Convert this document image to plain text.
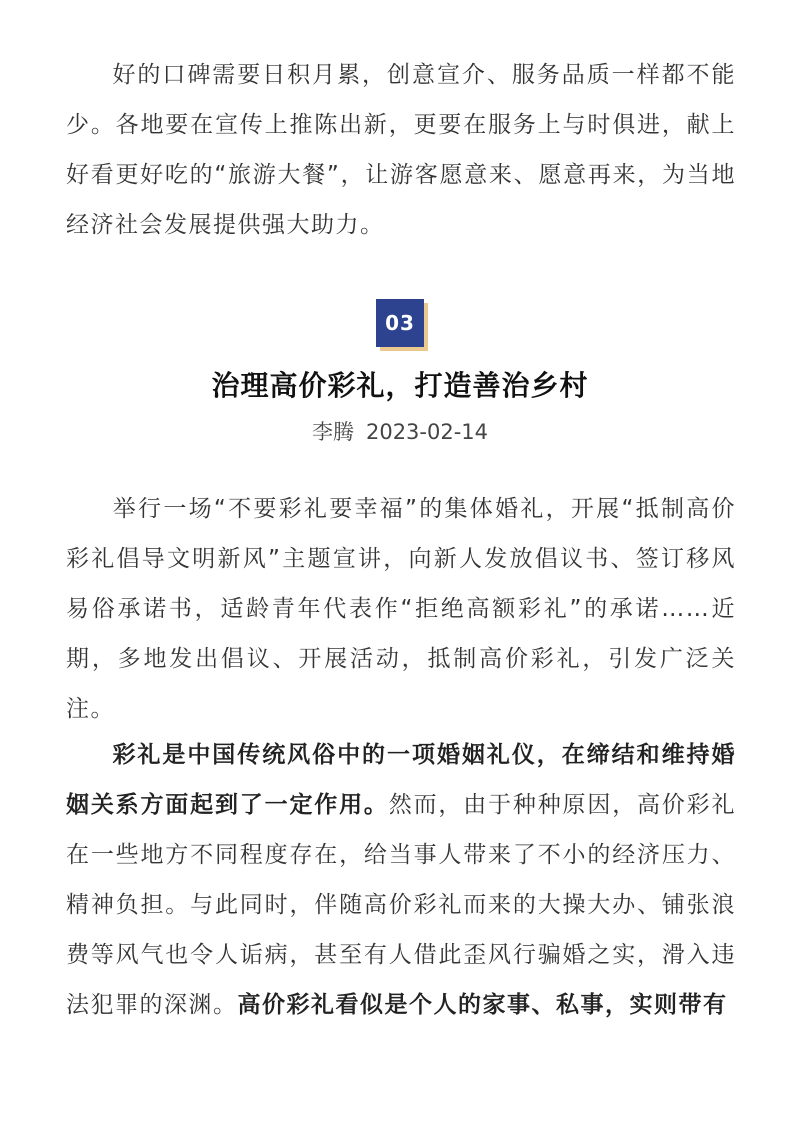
好的口碑需要日积月累，创意宣介、服务品质一样都不能少。各地要在宣传上推陈出新，更要在服务上与时俱进，献上好看更好吃的“旅游大餐”，让游客愿意来、愿意再来，为当地经济社会发展提供强大助力。

03
治理高价彩礼，打造善治乡村
李腾 2023-02-14

举行一场“不要彩礼要幸福”的集体婚礼，开展“抵制高价彩礼倡导文明新风”主题宣讲，向新人发放倡议书、签订移风易俗承诺书，适龄青年代表作“拒绝高额彩礼”的承诺……近期，多地发出倡议、开展活动，抵制高价彩礼，引发广泛关注。

彩礼是中国传统风俗中的一项婚姻礼仪，在缔结和维持婚姻关系方面起到了一定作用。然而，由于种种原因，高价彩礼在一些地方不同程度存在，给当事人带来了不小的经济压力、精神负担。与此同时，伴随高价彩礼而来的大操大办、铺张浪费等风气也令人诟病，甚至有人借此歪风行骗婚之实，滑入违法犯罪的深渊。高价彩礼看似是个人的家事、私事，实则带有
